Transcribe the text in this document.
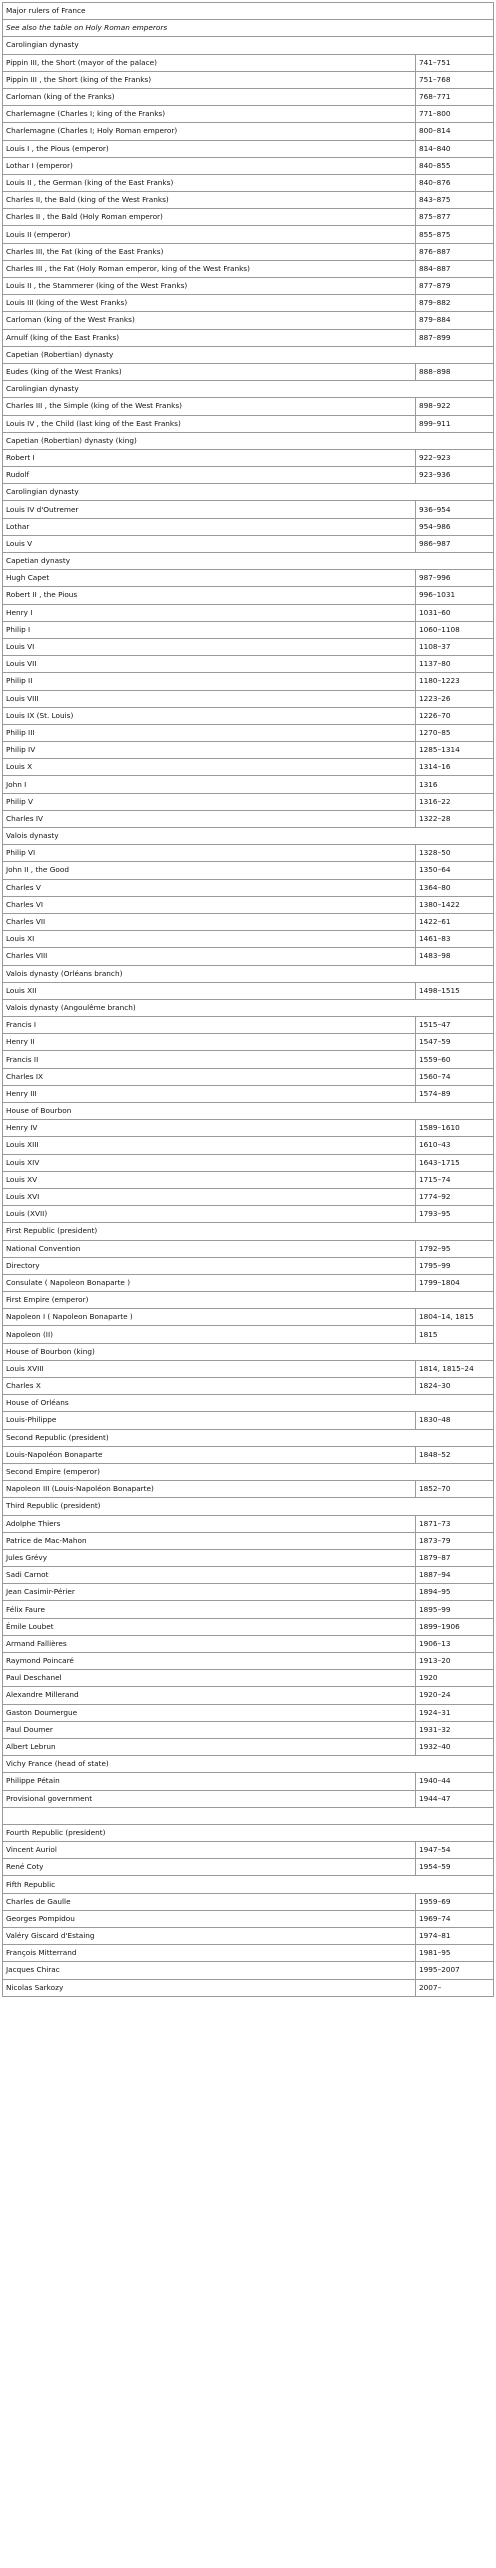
Major rulers of France	
See also the table on Holy Roman emperors	
Carolingian dynasty	
Pippin III, the Short (mayor of the palace)	741–751
Pippin III , the Short (king of the Franks)	751–768
Carloman (king of the Franks)	768–771
Charlemagne (Charles I; king of the Franks)	771–800
Charlemagne (Charles I; Holy Roman emperor)	800–814
Louis I , the Pious (emperor)	814–840
Lothar I (emperor)	840–855
Louis II , the German (king of the East Franks)	840–876
Charles II, the Bald (king of the West Franks)	843–875
Charles II , the Bald (Holy Roman emperor)	875–877
Louis II (emperor)	855–875
Charles III, the Fat (king of the East Franks)	876–887
Charles III , the Fat (Holy Roman emperor, king of the West Franks)	884–887
Louis II , the Stammerer (king of the West Franks)	877–879
Louis III (king of the West Franks)	879–882
Carloman (king of the West Franks)	879–884
Arnulf (king of the East Franks)	887–899
Capetian (Robertian) dynasty	
Eudes (king of the West Franks)	888–898
Carolingian dynasty	
Charles III , the Simple (king of the West Franks)	898–922
Louis IV , the Child (last king of the East Franks)	899–911
Capetian (Robertian) dynasty (king)	
Robert I	922–923
Rudolf	923–936
Carolingian dynasty	
Louis IV d'Outremer	936–954
Lothar	954–986
Louis V	986–987
Capetian dynasty	
Hugh Capet	987–996
Robert II , the Pious	996–1031
Henry I	1031–60
Philip I	1060–1108
Louis VI	1108–37
Louis VII	1137–80
Philip II	1180–1223
Louis VIII	1223–26
Louis IX (St. Louis)	1226–70
Philip III	1270–85
Philip IV	1285–1314
Louis X	1314–16
John I	1316
Philip V	1316–22
Charles IV	1322–28
Valois dynasty	
Philip VI	1328–50
John II , the Good	1350–64
Charles V	1364–80
Charles VI	1380–1422
Charles VII	1422–61
Louis XI	1461–83
Charles VIII	1483–98
Valois dynasty (Orléans branch)	
Louis XII	1498–1515
Valois dynasty (Angoulême branch)	
Francis I	1515–47
Henry II	1547–59
Francis II	1559–60
Charles IX	1560–74
Henry III	1574–89
House of Bourbon	
Henry IV	1589–1610
Louis XIII	1610–43
Louis XIV	1643–1715
Louis XV	1715–74
Louis XVI	1774–92
Louis (XVII)	1793–95
First Republic (president)	
National Convention	1792–95
Directory	1795–99
Consulate ( Napoleon Bonaparte )	1799–1804
First Empire (emperor)	
Napoleon I ( Napoleon Bonaparte )	1804–14, 1815
Napoleon (II)	1815
House of Bourbon (king)	
Louis XVIII	1814, 1815–24
Charles X	1824–30
House of Orléans	
Louis-Philippe	1830–48
Second Republic (president)	
Louis-Napoléon Bonaparte	1848–52
Second Empire (emperor)	
Napoleon III (Louis-Napoléon Bonaparte)	1852–70
Third Republic (president)	
Adolphe Thiers	1871–73
Patrice de Mac-Mahon	1873–79
Jules Grévy	1879–87
Sadi Carnot	1887–94
Jean Casimir-Périer	1894–95
Félix Faure	1895–99
Émile Loubet	1899–1906
Armand Fallières	1906–13
Raymond Poincaré	1913–20
Paul Deschanel	1920
Alexandre Millerand	1920–24
Gaston Doumergue	1924–31
Paul Doumer	1931–32
Albert Lebrun	1932–40
Vichy France (head of state)	
Philippe Pétain	1940–44
Provisional government	1944–47

Fourth Republic (president)	
Vincent Auriol	1947–54
René Coty	1954–59
Fifth Republic	
Charles de Gaulle	1959–69
Georges Pompidou	1969–74
Valéry Giscard d'Estaing	1974–81
François Mitterrand	1981–95
Jacques Chirac	1995–2007
Nicolas Sarkozy	2007–
